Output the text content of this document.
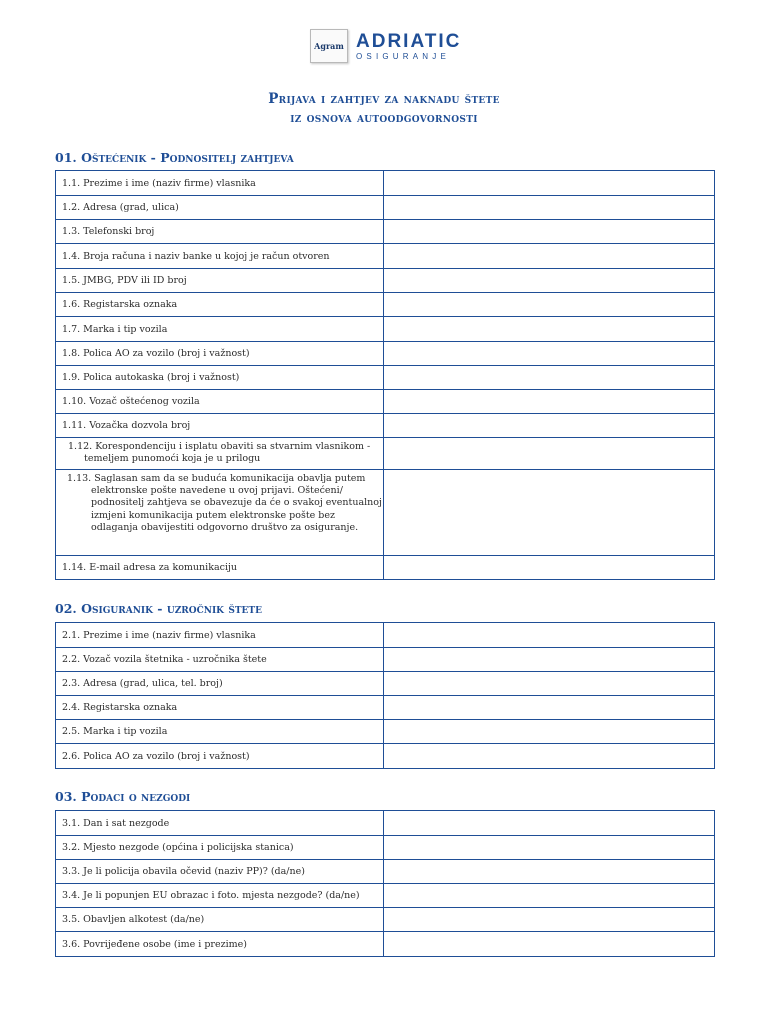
Agram ADRIATIC
OSIGURANJE
Prijava i zahtjev za naknadu štete
iz osnova autoodgovornosti
01. Oštećenik - Podnositelj zahtjeva
1.1. Prezime i ime (naziv firme) vlasnika	
1.2. Adresa (grad, ulica)	
1.3. Telefonski broj	
1.4. Broja računa i naziv banke u kojoj je račun otvoren	
1.5. JMBG, PDV ili ID broj	
1.6. Registarska oznaka	
1.7. Marka i tip vozila	
1.8. Polica AO za vozilo (broj i važnost)	
1.9. Polica autokaska (broj i važnost)	
1.10. Vozač oštećenog vozila	
1.11. Vozačka dozvola broj	

1.12. Korespondenciju i isplatu obaviti sa stvarnim vlasnikom - temeljem punomoći koja je u prilogu	

1.13. Saglasan sam da se buduća komunikacija obavlja putem elektronske pošte navedene u ovoj prijavi. Oštećeni/ podnositelj zahtjeva se obavezuje da će o svakoj eventualnoj izmjeni komunikacija putem elektronske pošte bez odlaganja obavijestiti odgovorno društvo za osiguranje.	

1.14. E-mail adresa za komunikaciju	
02. Osiguranik - uzročnik štete
2.1. Prezime i ime (naziv firme) vlasnika	
2.2. Vozač vozila štetnika - uzročnika štete	
2.3. Adresa (grad, ulica, tel. broj)	
2.4. Registarska oznaka	
2.5. Marka i tip vozila	
2.6. Polica AO za vozilo (broj i važnost)	
03. Podaci o nezgodi
3.1. Dan i sat nezgode	
3.2. Mjesto nezgode (općina i policijska stanica)	
3.3. Je li policija obavila očevid (naziv PP)? (da/ne)	
3.4. Je li popunjen EU obrazac i foto. mjesta nezgode? (da/ne)	
3.5. Obavljen alkotest (da/ne)	
3.6. Povrijeđene osobe (ime i prezime)	
